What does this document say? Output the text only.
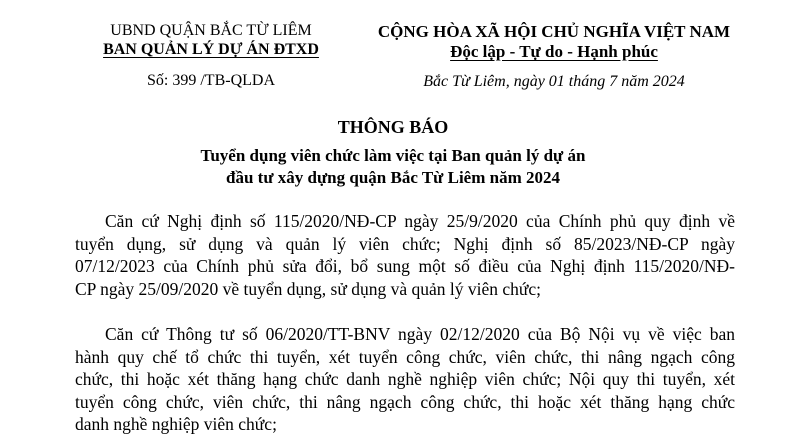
UBND QUẬN BẮC TỪ LIÊM
BAN QUẢN LÝ DỰ ÁN ĐTXD
Số: 399 /TB-QLDA
CỘNG HÒA XÃ HỘI CHỦ NGHĨA VIỆT NAM
Độc lập - Tự do - Hạnh phúc
Bắc Từ Liêm, ngày 01 tháng 7 năm 2024
THÔNG BÁO
Tuyển dụng viên chức làm việc tại Ban quản lý dự án
đầu tư xây dựng quận Bắc Từ Liêm năm 2024
Căn cứ Nghị định số 115/2020/NĐ-CP ngày 25/9/2020 của Chính phủ quy định về
tuyển dụng, sử dụng và quản lý viên chức; Nghị định số 85/2023/NĐ-CP ngày
07/12/2023 của Chính phủ sửa đổi, bổ sung một số điều của Nghị định 115/2020/NĐ-
CP ngày 25/09/2020 về tuyển dụng, sử dụng và quản lý viên chức;
Căn cứ Thông tư số 06/2020/TT-BNV ngày 02/12/2020 của Bộ Nội vụ về việc ban
hành quy chế tổ chức thi tuyển, xét tuyển công chức, viên chức, thi nâng ngạch công
chức, thi hoặc xét thăng hạng chức danh nghề nghiệp viên chức; Nội quy thi tuyển, xét
tuyển công chức, viên chức, thi nâng ngạch công chức, thi hoặc xét thăng hạng chức
danh nghề nghiệp viên chức;
